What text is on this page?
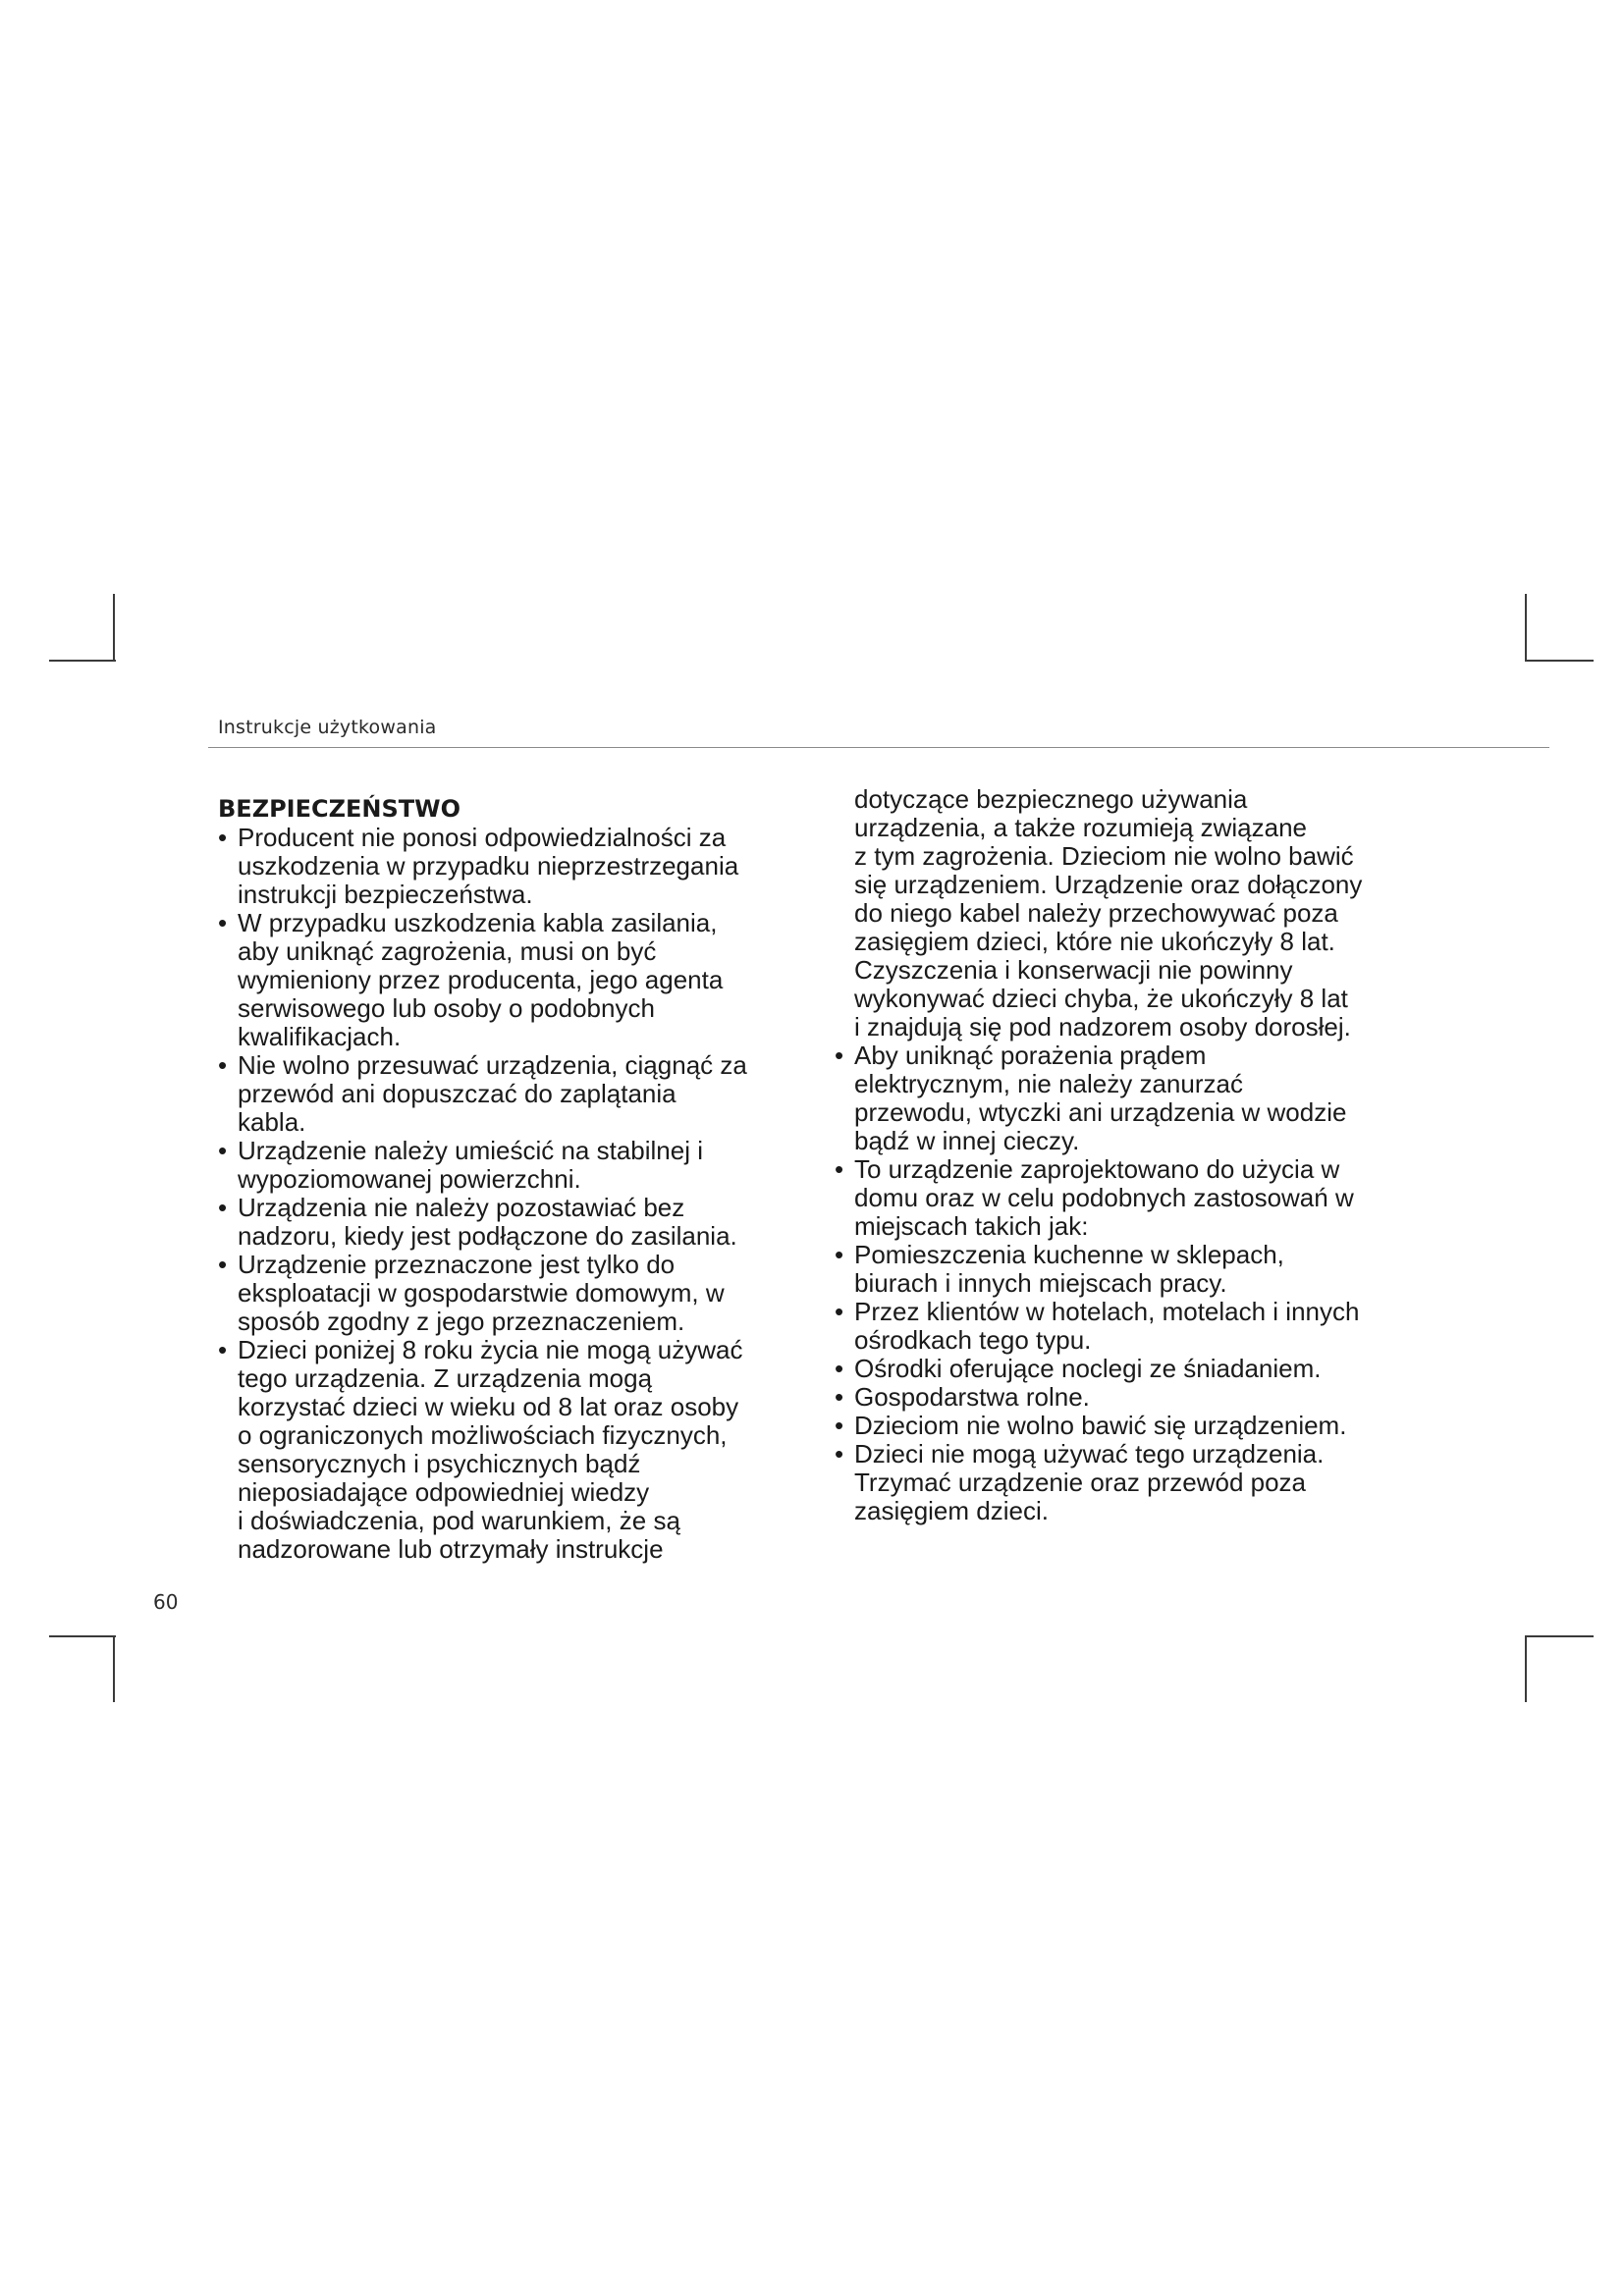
Instrukcje użytkowania
BEZPIECZEŃSTWO
• Producent nie ponosi odpowiedzialności za
uszkodzenia w przypadku nieprzestrzegania
instrukcji bezpieczeństwa.
• W przypadku uszkodzenia kabla zasilania,
aby uniknąć zagrożenia, musi on być
wymieniony przez producenta, jego agenta
serwisowego lub osoby o podobnych
kwalifikacjach.
• Nie wolno przesuwać urządzenia, ciągnąć za
przewód ani dopuszczać do zaplątania
kabla.
• Urządzenie należy umieścić na stabilnej i
wypoziomowanej powierzchni.
• Urządzenia nie należy pozostawiać bez
nadzoru, kiedy jest podłączone do zasilania.
• Urządzenie przeznaczone jest tylko do
eksploatacji w gospodarstwie domowym, w
sposób zgodny z jego przeznaczeniem.
• Dzieci poniżej 8 roku życia nie mogą używać
tego urządzenia. Z urządzenia mogą
korzystać dzieci w wieku od 8 lat oraz osoby
o ograniczonych możliwościach fizycznych,
sensorycznych i psychicznych bądź
nieposiadające odpowiedniej wiedzy
i doświadczenia, pod warunkiem, że są
nadzorowane lub otrzymały instrukcje
dotyczące bezpiecznego używania
urządzenia, a także rozumieją związane
z tym zagrożenia. Dzieciom nie wolno bawić
się urządzeniem. Urządzenie oraz dołączony
do niego kabel należy przechowywać poza
zasięgiem dzieci, które nie ukończyły 8 lat.
Czyszczenia i konserwacji nie powinny
wykonywać dzieci chyba, że ukończyły 8 lat
i znajdują się pod nadzorem osoby dorosłej.
• Aby uniknąć porażenia prądem
elektrycznym, nie należy zanurzać
przewodu, wtyczki ani urządzenia w wodzie
bądź w innej cieczy.
• To urządzenie zaprojektowano do użycia w
domu oraz w celu podobnych zastosowań w
miejscach takich jak:
• Pomieszczenia kuchenne w sklepach,
biurach i innych miejscach pracy.
• Przez klientów w hotelach, motelach i innych
ośrodkach tego typu.
• Ośrodki oferujące noclegi ze śniadaniem.
• Gospodarstwa rolne.
• Dzieciom nie wolno bawić się urządzeniem.
• Dzieci nie mogą używać tego urządzenia.
Trzymać urządzenie oraz przewód poza
zasięgiem dzieci.
60
